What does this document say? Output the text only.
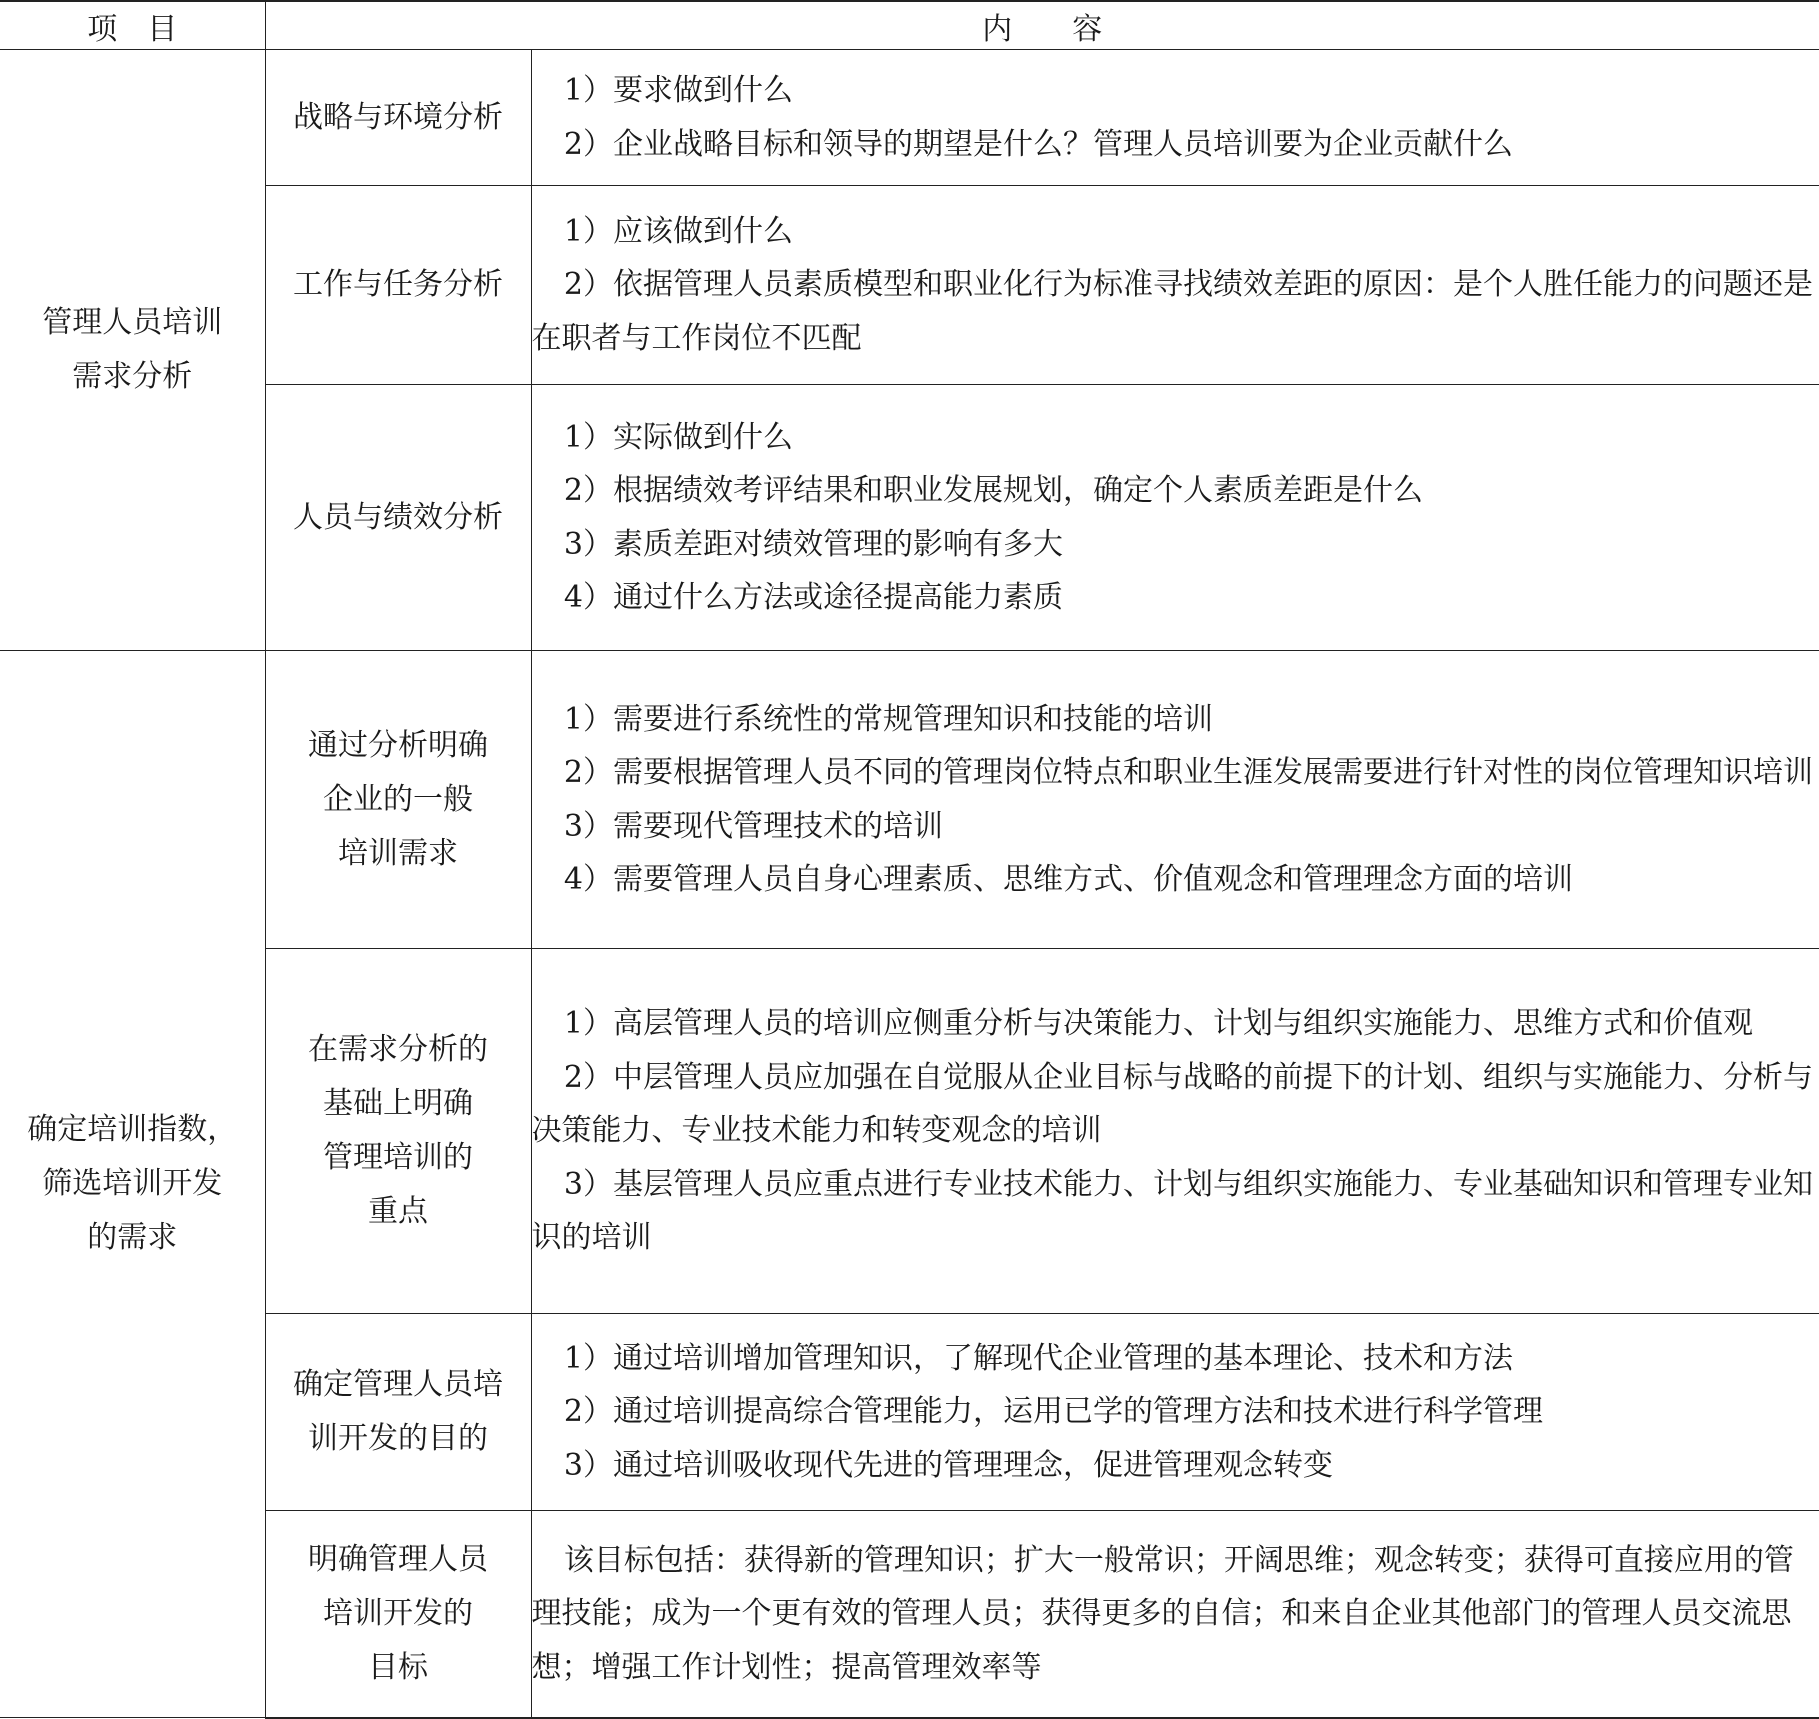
项　目	内　　容	

管理人员培训
需求分析	战略与环境分析	1）要求做到什么
2）企业战略目标和领导的期望是什么？管理人员培训要为企业贡献什么

	工作与任务分析	1）应该做到什么
2）依据管理人员素质模型和职业化行为标准寻找绩效差距的原因：是个人胜任能力的问题还是在职者与工作岗位不匹配

	人员与绩效分析	1）实际做到什么
2）根据绩效考评结果和职业发展规划，确定个人素质差距是什么
3）素质差距对绩效管理的影响有多大
4）通过什么方法或途径提高能力素质

确定培训指数，
筛选培训开发
的需求	通过分析明确
企业的一般
培训需求	1）需要进行系统性的常规管理知识和技能的培训
2）需要根据管理人员不同的管理岗位特点和职业生涯发展需要进行针对性的岗位管理知识培训
3）需要现代管理技术的培训
4）需要管理人员自身心理素质、思维方式、价值观念和管理理念方面的培训

	在需求分析的
基础上明确
管理培训的
重点	1）高层管理人员的培训应侧重分析与决策能力、计划与组织实施能力、思维方式和价值观
2）中层管理人员应加强在自觉服从企业目标与战略的前提下的计划、组织与实施能力、分析与决策能力、专业技术能力和转变观念的培训
3）基层管理人员应重点进行专业技术能力、计划与组织实施能力、专业基础知识和管理专业知识的培训

	确定管理人员培
训开发的目的	1）通过培训增加管理知识，了解现代企业管理的基本理论、技术和方法
2）通过培训提高综合管理能力，运用已学的管理方法和技术进行科学管理
3）通过培训吸收现代先进的管理理念，促进管理观念转变

	明确管理人员
培训开发的
目标	该目标包括：获得新的管理知识；扩大一般常识；开阔思维；观念转变；获得可直接应用的管理技能；成为一个更有效的管理人员；获得更多的自信；和来自企业其他部门的管理人员交流思想；增强工作计划性；提高管理效率等
